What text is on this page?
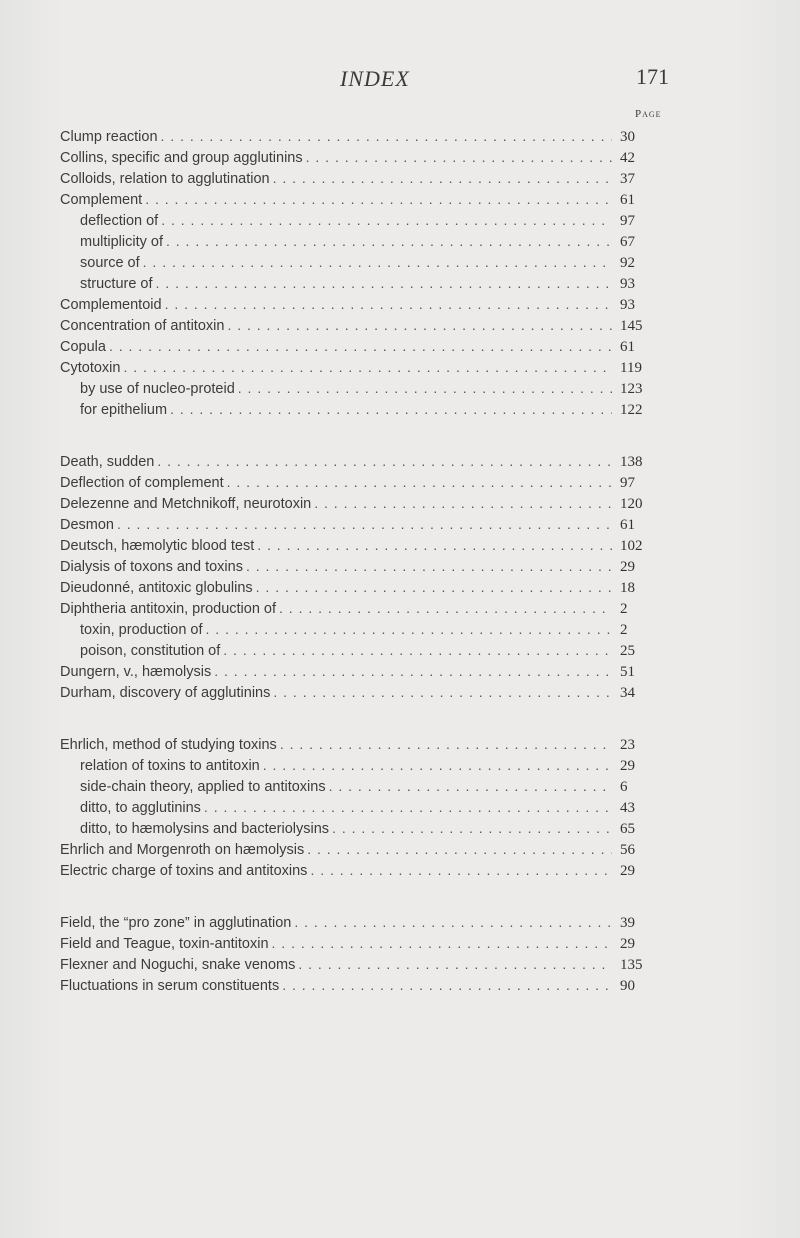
INDEX	171
Page
Clump reaction . . .	30
Collins, specific and group agglutinins . . .	42
Colloids, relation to agglutination . . .	37
Complement . . .	61
deflection of . . .	97
multiplicity of . . .	67
source of . . .	92
structure of . . .	93
Complementoid . . .	93
Concentration of antitoxin . . .	145
Copula . . .	61
Cytotoxin . . .	119
by use of nucleo-proteid . . .	123
for epithelium . . .	122
Death, sudden . . .	138
Deflection of complement . . .	97
Delezenne and Metchnikoff, neurotoxin . . .	120
Desmon . . .	61
Deutsch, hæmolytic blood test . . .	102
Dialysis of toxons and toxins . . .	29
Dieudonné, antitoxic globulins . . .	18
Diphtheria antitoxin, production of . . .	2
toxin, production of . . .	2
poison, constitution of . . .	25
Dungern, v., hæmolysis . . .	51
Durham, discovery of agglutinins . . .	34
Ehrlich, method of studying toxins . . .	23
relation of toxins to antitoxin . . .	29
side-chain theory, applied to antitoxins . . .	6
ditto, to agglutinins . . .	43
ditto, to hæmolysins and bacteriolysins . . .	65
Ehrlich and Morgenroth on hæmolysis . . .	56
Electric charge of toxins and antitoxins . . .	29
Field, the “pro zone” in agglutination . . .	39
Field and Teague, toxin-antitoxin . . .	29
Flexner and Noguchi, snake venoms . . .	135
Fluctuations in serum constituents . . .	90
